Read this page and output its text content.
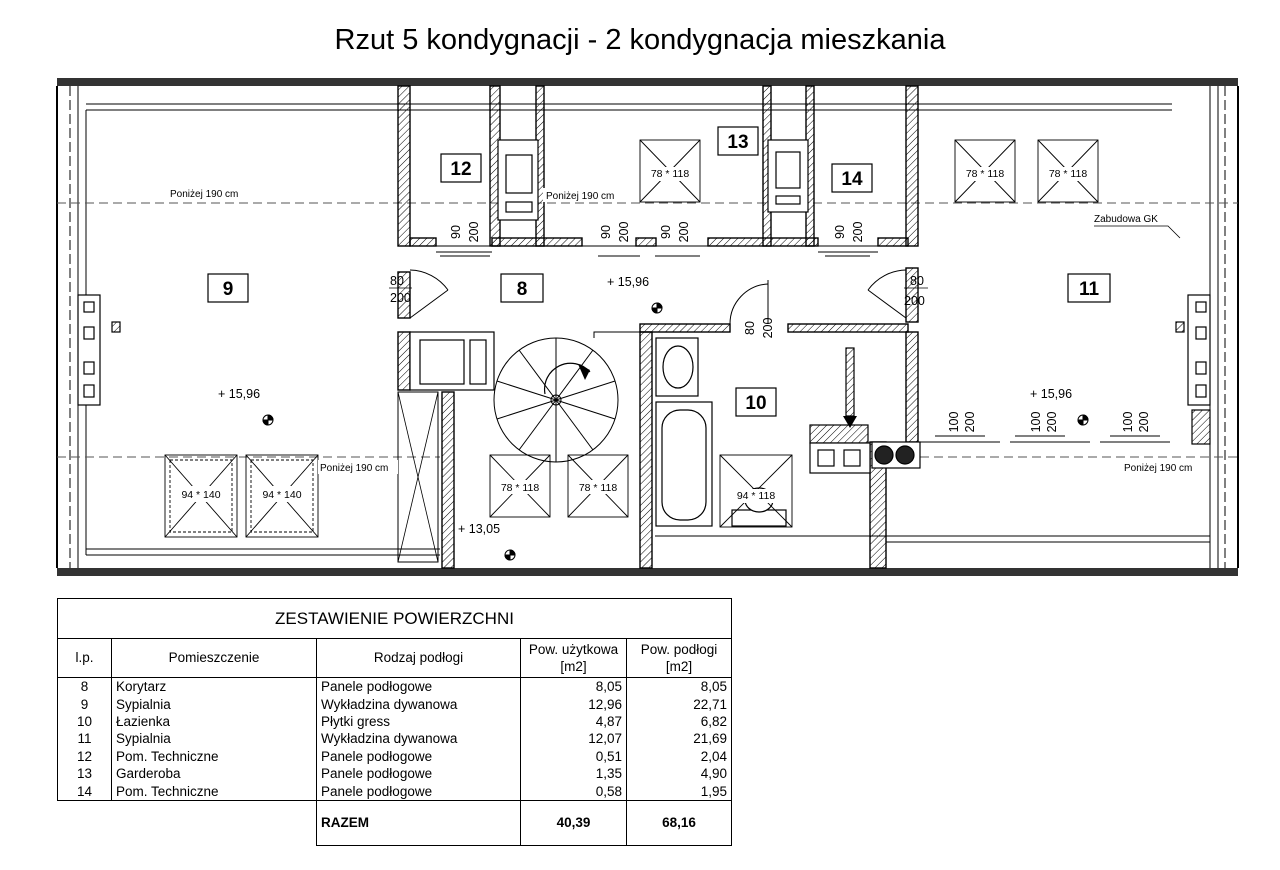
Rzut 5 kondygnacji - 2 kondygnacja mieszkania
94 * 140	94 * 140
78 * 118	78 * 118
78 * 118	78 * 118	78 * 118
94 * 118
9	8
12
13
14
11
10
+ 15,96
+ 15,96
+ 15,96
+ 13,05
Poniżej 190 cm	Poniżej 190 cm
Poniżej 190 cm	Poniżej 190 cm
Zabudowa GK
90 200	90 200 90 200	90 200
80 200
100 200	100 200	100 200
80
200
80
200
ZESTAWIENIE POWIERZCHNI				
l.p.	Pomieszczenie	Rodzaj podłogi	Pow. użytkowa [m2]	Pow. podłogi [m2]
8	Korytarz	Panele podłogowe	8,05	8,05
9	Sypialnia	Wykładzina dywanowa	12,96	22,71
10	Łazienka	Płytki gress	4,87	6,82
11	Sypialnia	Wykładzina dywanowa	12,07	21,69
12	Pom. Techniczne	Panele podłogowe	0,51	2,04
13	Garderoba	Panele podłogowe	1,35	4,90
14	Pom. Techniczne	Panele podłogowe	0,58	1,95
		RAZEM	40,39	68,16
